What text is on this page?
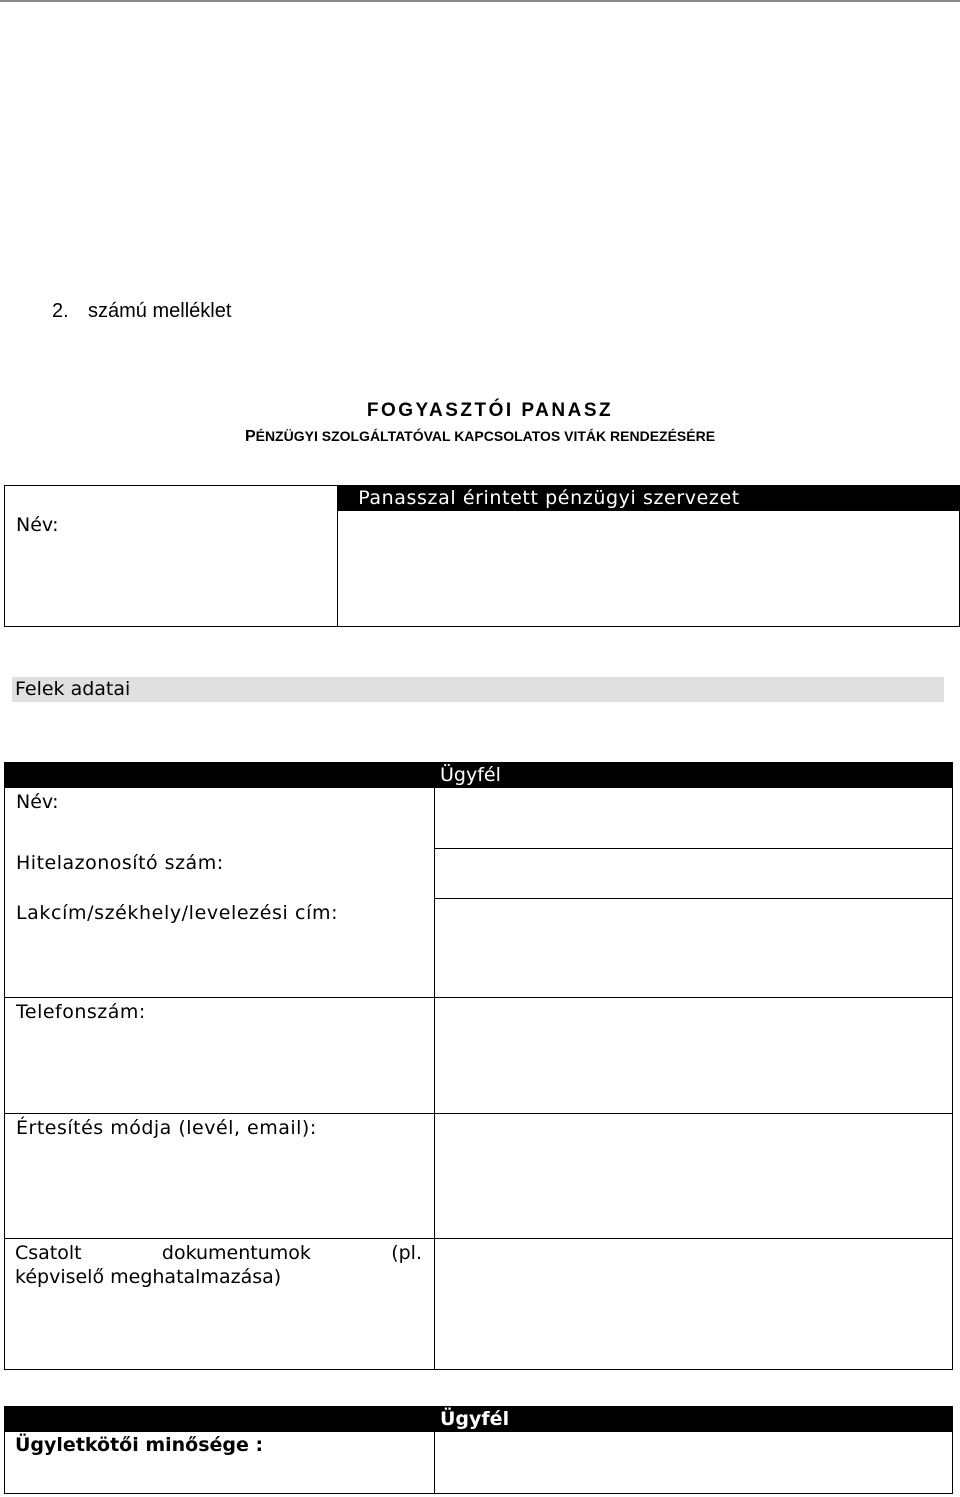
2. számú melléklet
FOGYASZTÓI PANASZ
PÉNZÜGYI SZOLGÁLTATÓVAL KAPCSOLATOS VITÁK RENDEZÉSÉRE
Panasszal érintett pénzügyi szervezet
Név:
Felek adatai
Ügyfél
Név:
Hitelazonosító szám:
Lakcím/székhely/levelezési cím:
Telefonszám:
Értesítés módja (levél, email):
Csatolt	dokumentumok	(pl.
képviselő meghatalmazása)
Ügyfél
Ügyletkötői minősége :
